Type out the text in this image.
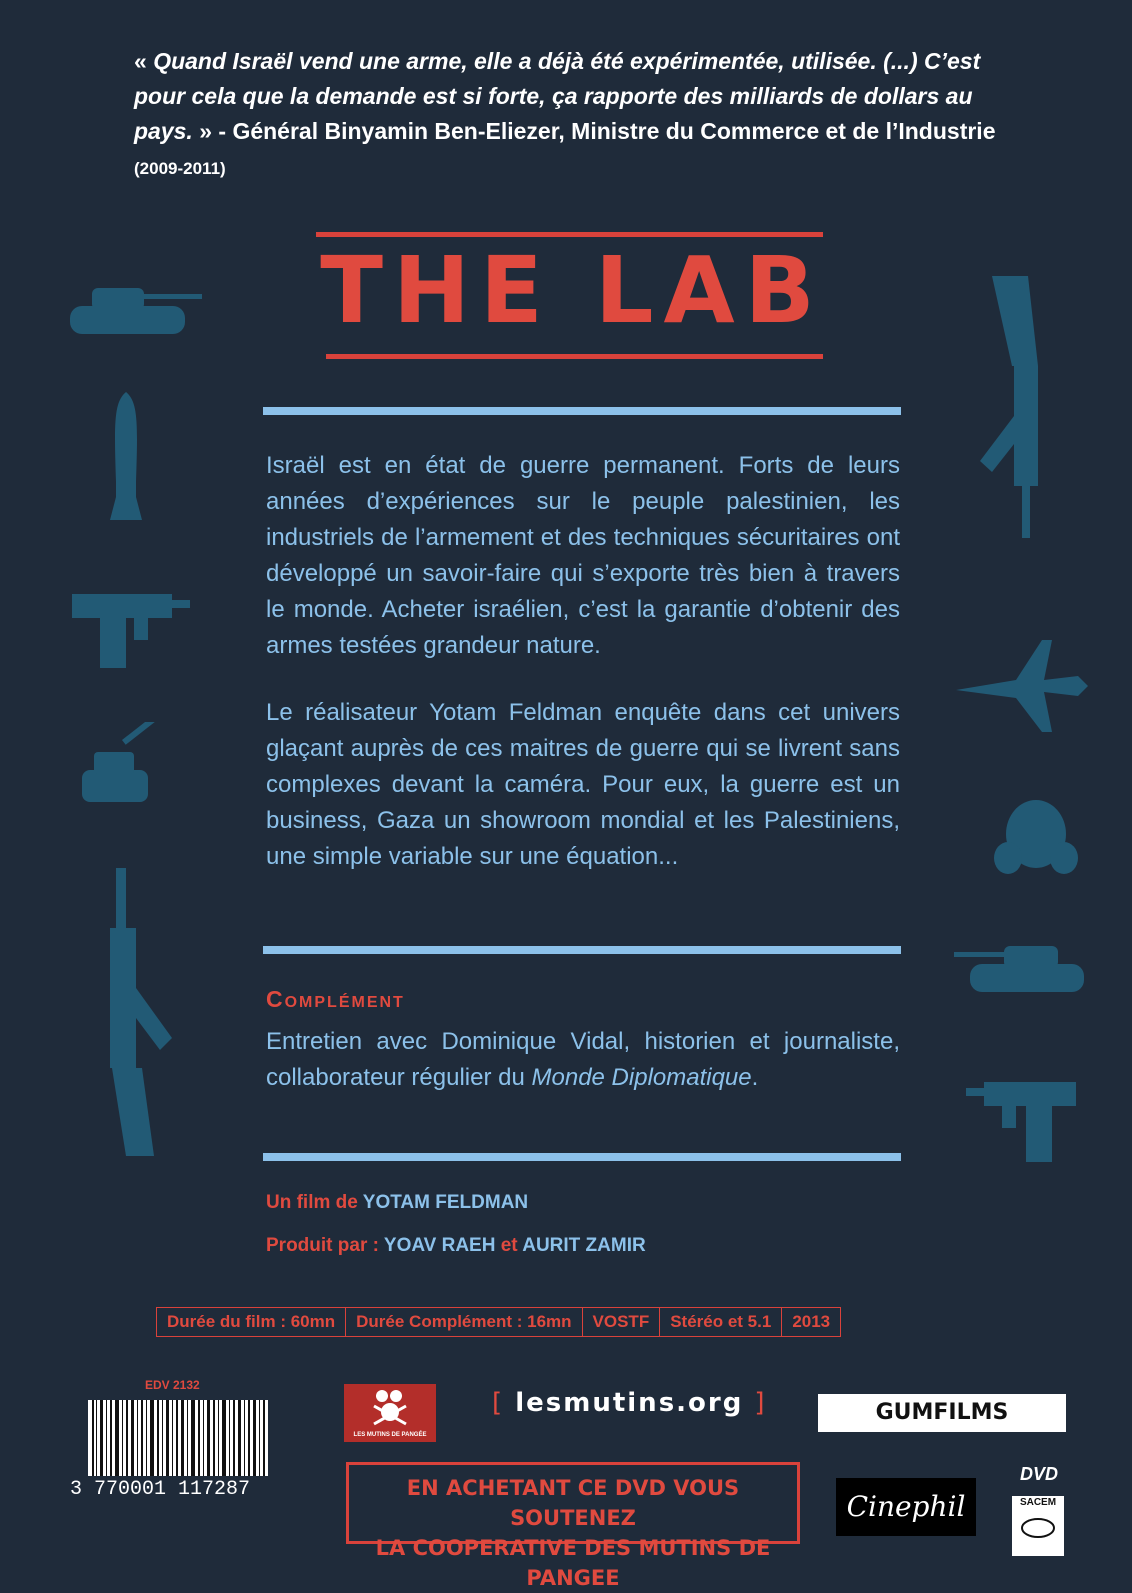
« Quand Israël vend une arme, elle a déjà été expérimentée, utilisée. (...) C’est pour cela que la demande est si forte, ça rapporte des milliards de dollars au pays. » - Général Binyamin Ben-Eliezer, Ministre du Commerce et de l’Industrie (2009-2011)
THE LAB
Israël est en état de guerre permanent. Forts de leurs années d’expériences sur le peuple palestinien, les industriels de l’armement et des techniques sécuritaires ont développé un savoir-faire qui s’exporte très bien à travers le monde. Acheter israélien, c’est la garantie d’obtenir des armes testées grandeur nature.
Le réalisateur Yotam Feldman enquête dans cet univers glaçant auprès de ces maitres de guerre qui se livrent sans complexes devant la caméra. Pour eux, la guerre est un business, Gaza un showroom mondial et les Palestiniens, une simple variable sur une équation...
Complément
Entretien avec Dominique Vidal, historien et journaliste, collaborateur régulier du Monde Diplomatique.
Un film de YOTAM FELDMAN
Produit par : YOAV RAEH et AURIT ZAMIR
Durée du film : 60mn	Durée Complément : 16mn	VOSTF	Stéréo et 5.1	2013
EDV 2132
3 770001 117287
LES MUTINS DE PANGÉE
[ lesmutins.org ]	GUMFILMS
EN ACHETANT CE DVD VOUS SOUTENEZ
LA COOPERATIVE DES MUTINS DE PANGEE
Cinephil
DVD
SACEM
